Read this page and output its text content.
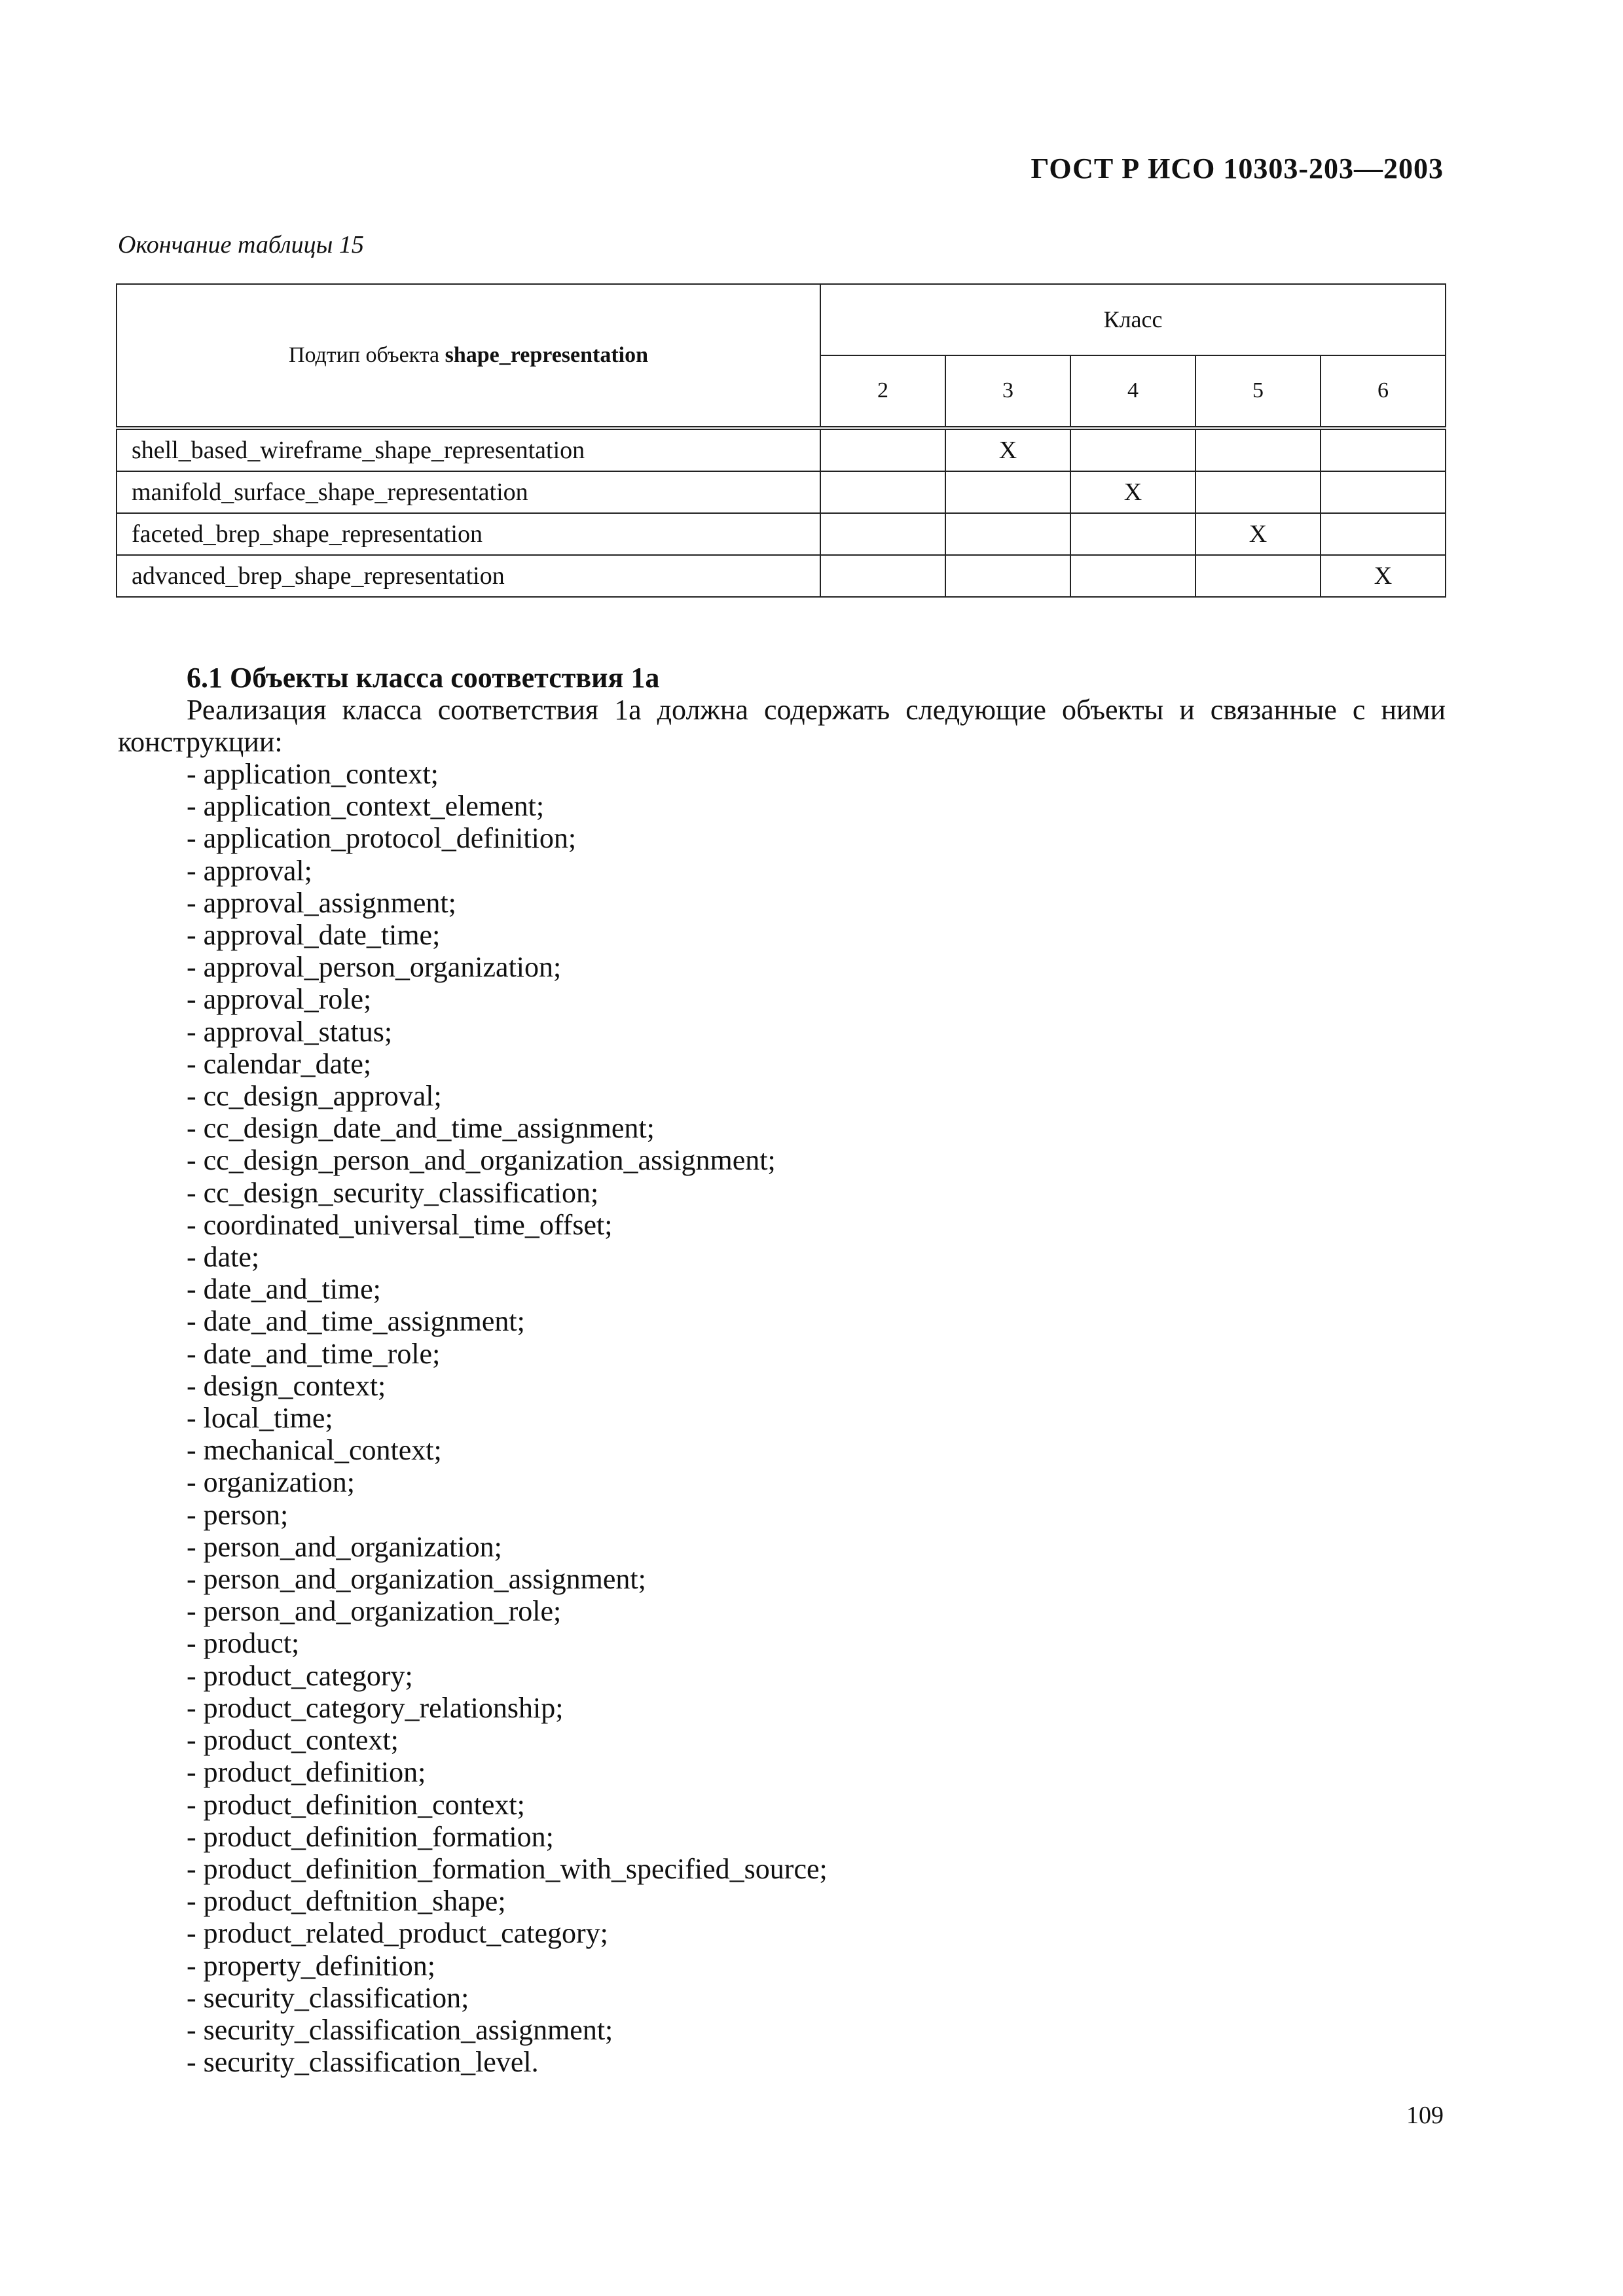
ГОСТ Р ИСО 10303-203—2003
Окончание таблицы 15
Подтип объекта shape_representation	Класс				
	2	3	4	5	6
shell_based_wireframe_shape_representation		X			
manifold_surface_shape_representation			X		
faceted_brep_shape_representation				X	
advanced_brep_shape_representation					X
6.1 Объекты класса соответствия 1а
Реализация класса соответствия 1а должна содержать следующие объекты и связанные с ними конструкции:
- application_context;
- application_context_element;
- application_protocol_definition;
- approval;
- approval_assignment;
- approval_date_time;
- approval_person_organization;
- approval_role;
- approval_status;
- calendar_date;
- cc_design_approval;
- cc_design_date_and_time_assignment;
- cc_design_person_and_organization_assignment;
- cc_design_security_classification;
- coordinated_universal_time_offset;
- date;
- date_and_time;
- date_and_time_assignment;
- date_and_time_role;
- design_context;
- local_time;
- mechanical_context;
- organization;
- person;
- person_and_organization;
- person_and_organization_assignment;
- person_and_organization_role;
- product;
- product_category;
- product_category_relationship;
- product_context;
- product_definition;
- product_definition_context;
- product_definition_formation;
- product_definition_formation_with_specified_source;
- product_deftnition_shape;
- product_related_product_category;
- property_definition;
- security_classification;
- security_classification_assignment;
- security_classification_level.
109
